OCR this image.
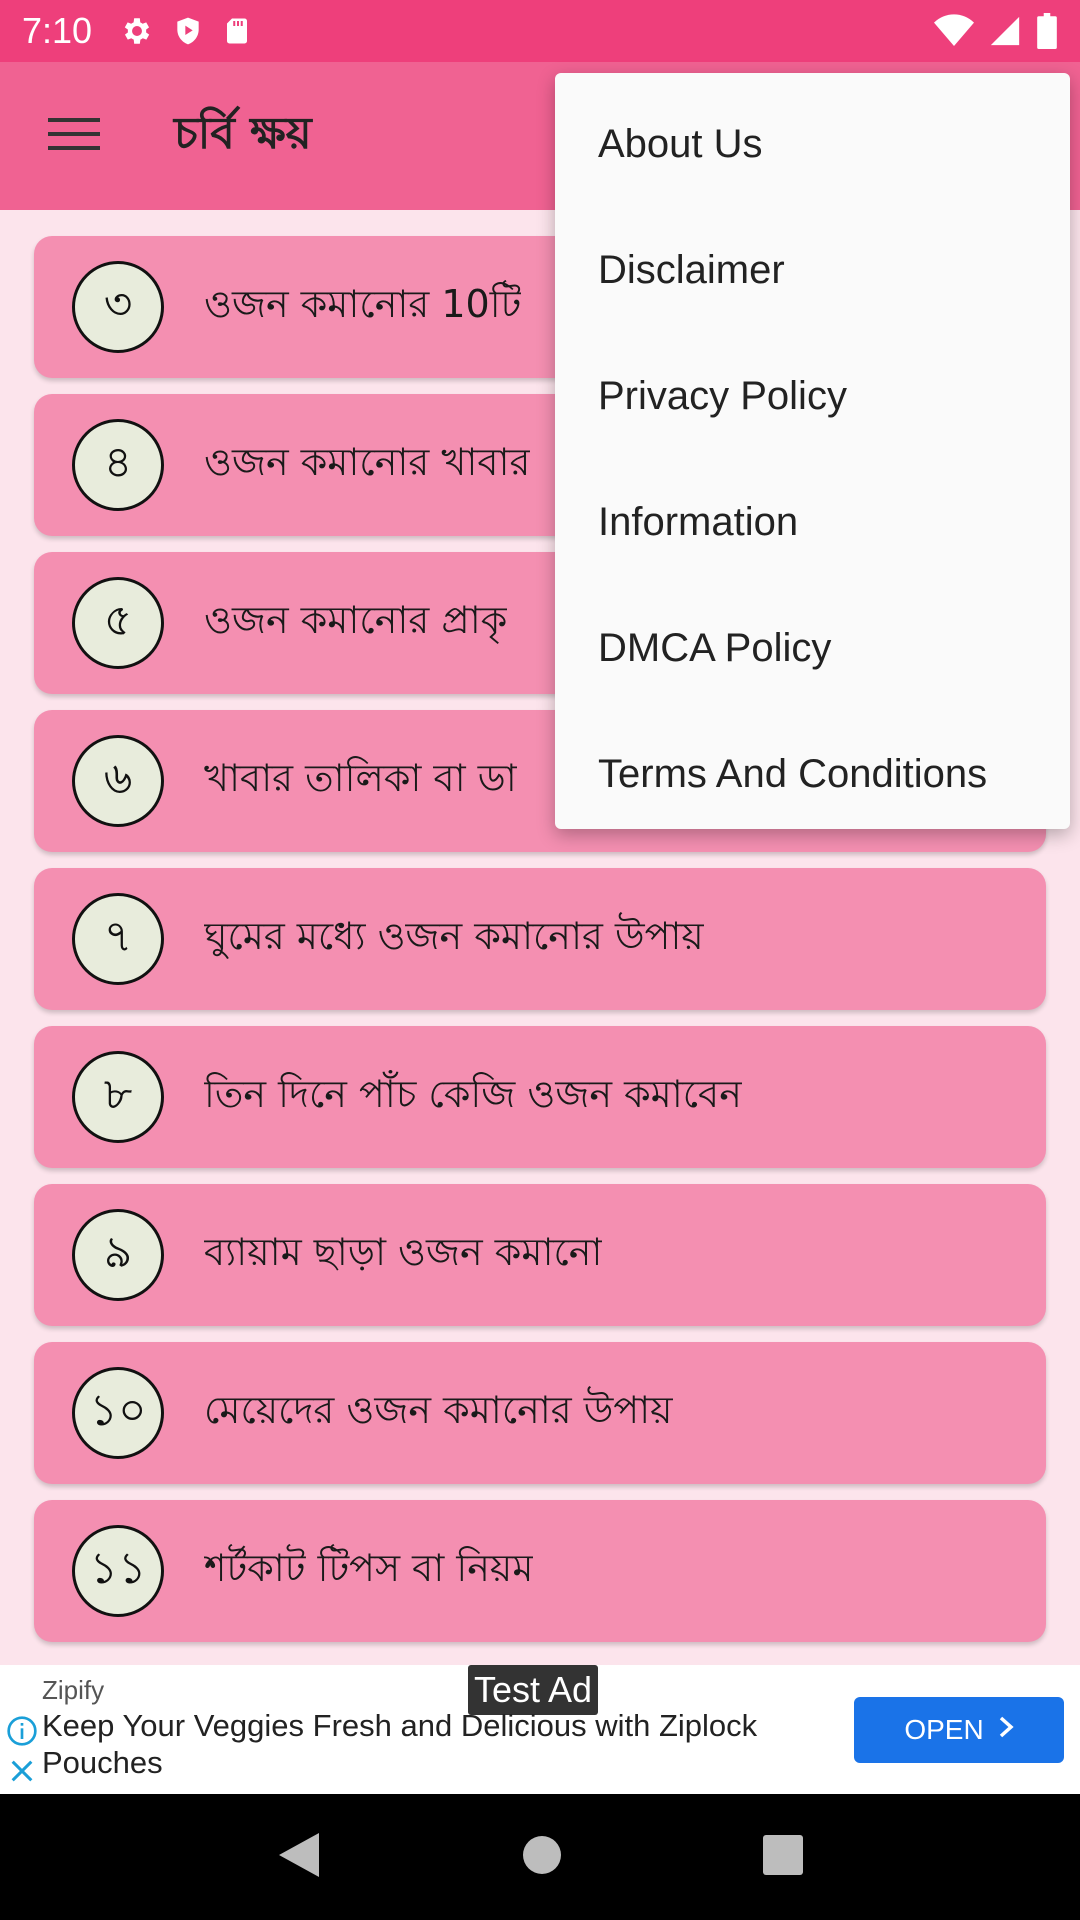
7:10
চর্বি ক্ষয়
৩	ওজন কমানোর 10টি
৪	ওজন কমানোর খাবার
৫	ওজন কমানোর প্রাকৃ
৬	খাবার তালিকা বা ডা
৭	ঘুমের মধ্যে ওজন কমানোর উপায়
৮	তিন দিনে পাঁচ কেজি ওজন কমাবেন
৯	ব্যায়াম ছাড়া ওজন কমানো
১০	মেয়েদের ওজন কমানোর উপায়
১১	শর্টকাট টিপস বা নিয়ম
About Us
Disclaimer
Privacy Policy
Information
DMCA Policy
Terms And Conditions
Zipify	Test Ad
Keep Your Veggies Fresh and Delicious with Ziplock Pouches
OPEN
